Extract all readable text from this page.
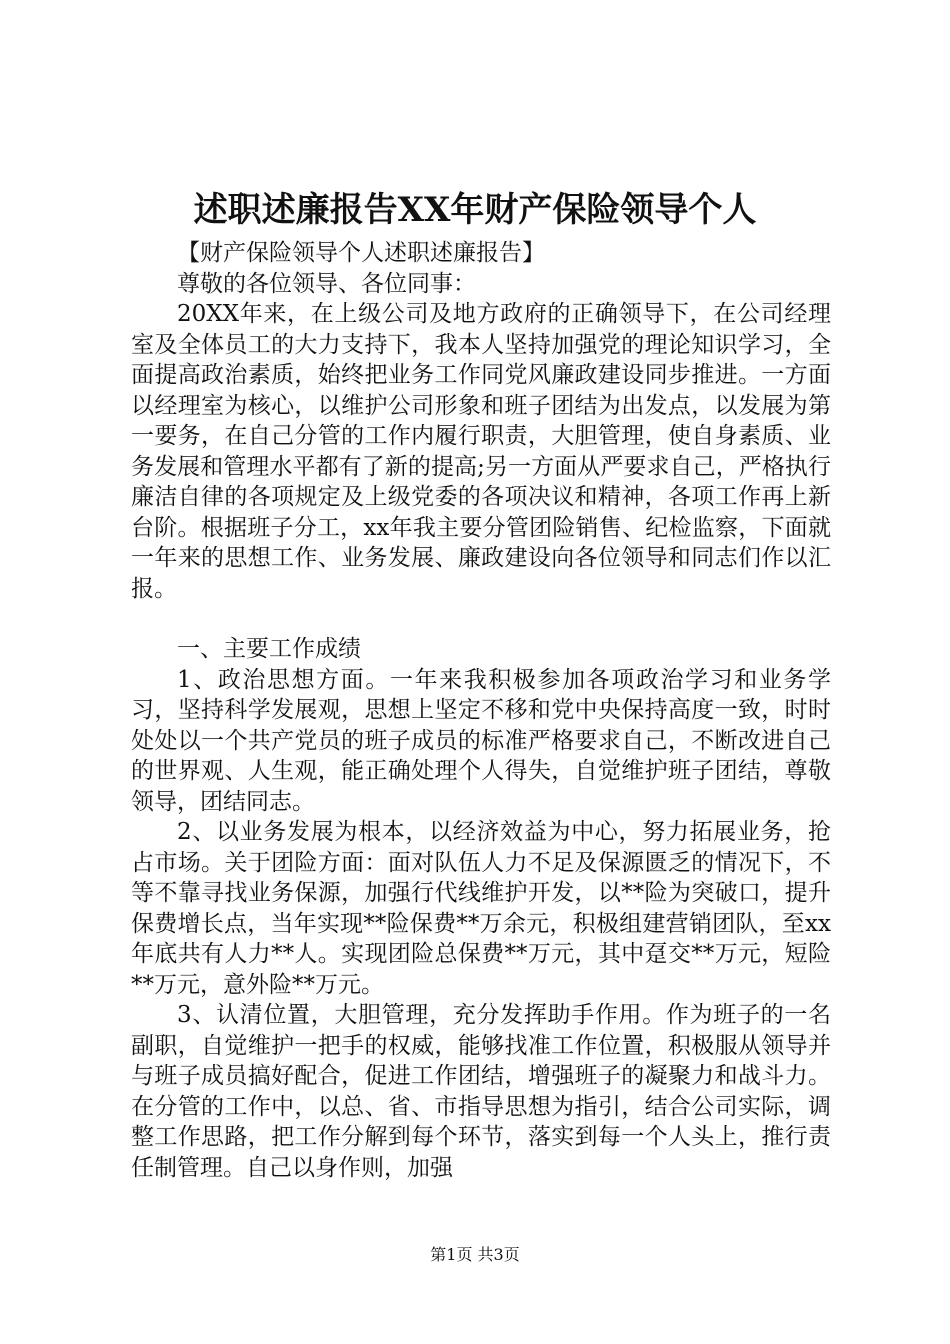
述职述廉报告XX年财产保险领导个人

【财产保险领导个人述职述廉报告】

尊敬的各位领导、各位同事：

20XX年来，在上级公司及地方政府的正确领导下，在公司经理室及全体员工的大力支持下，我本人坚持加强党的理论知识学习，全面提高政治素质，始终把业务工作同党风廉政建设同步推进。一方面以经理室为核心，以维护公司形象和班子团结为出发点，以发展为第一要务，在自己分管的工作内履行职责，大胆管理，使自身素质、业务发展和管理水平都有了新的提高;另一方面从严要求自己，严格执行廉洁自律的各项规定及上级党委的各项决议和精神，各项工作再上新台阶。根据班子分工，xx年我主要分管团险销售、纪检监察，下面就一年来的思想工作、业务发展、廉政建设向各位领导和同志们作以汇报。

一、主要工作成绩

1、政治思想方面。一年来我积极参加各项政治学习和业务学习，坚持科学发展观，思想上坚定不移和党中央保持高度一致，时时处处以一个共产党员的班子成员的标准严格要求自己，不断改进自己的世界观、人生观，能正确处理个人得失，自觉维护班子团结，尊敬领导，团结同志。

2、以业务发展为根本，以经济效益为中心，努力拓展业务，抢占市场。关于团险方面：面对队伍人力不足及保源匮乏的情况下，不等不靠寻找业务保源，加强行代线维护开发，以**险为突破口，提升保费增长点，当年实现**险保费**万余元，积极组建营销团队，至xx年底共有人力**人。实现团险总保费**万元，其中趸交**万元，短险**万元，意外险**万元。

3、认清位置，大胆管理，充分发挥助手作用。作为班子的一名副职，自觉维护一把手的权威，能够找准工作位置，积极服从领导并与班子成员搞好配合，促进工作团结，增强班子的凝聚力和战斗力。在分管的工作中，以总、省、市指导思想为指引，结合公司实际，调整工作思路，把工作分解到每个环节，落实到每一个人头上，推行责任制管理。自己以身作则，加强

第1页 共3页
